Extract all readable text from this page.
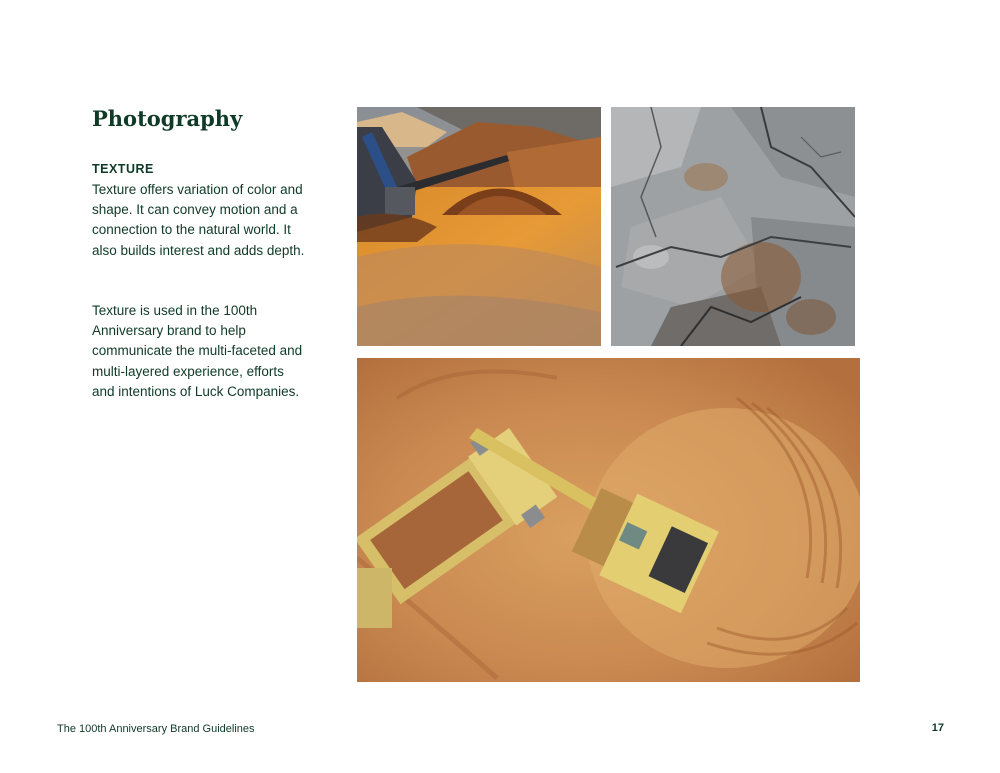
Photography
TEXTURE

Texture offers variation of color and shape. It can convey motion and a connection to the natural world. It also builds interest and adds depth.

Texture is used in the 100th Anniversary brand to help communicate the multi-faceted and multi-layered experience, efforts and intentions of Luck Companies.

The 100th Anniversary Brand Guidelines	17
